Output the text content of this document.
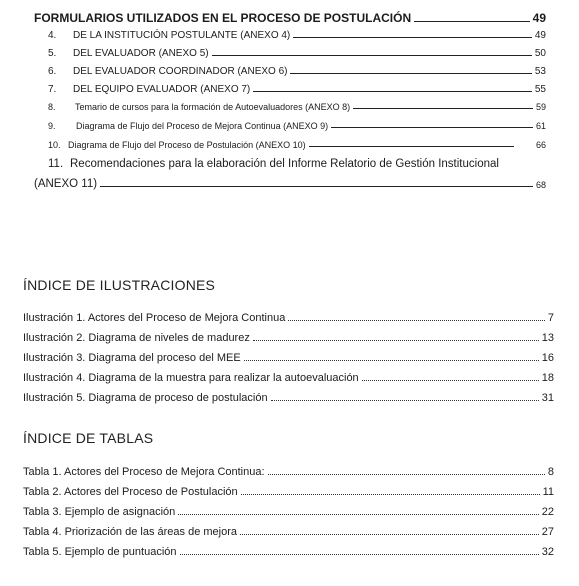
FORMULARIOS UTILIZADOS EN EL PROCESO DE POSTULACIÓN	49
4.	DE LA INSTITUCIÓN POSTULANTE (ANEXO 4)	49
5.	DEL EVALUADOR (ANEXO 5)	50
6.	DEL EVALUADOR COORDINADOR (ANEXO 6)	53
7.	DEL EQUIPO EVALUADOR (ANEXO 7)	55
8.	Temario de cursos para la formación de Autoevaluadores (ANEXO 8)	59
9.	Diagrama de Flujo del Proceso de Mejora Continua (ANEXO 9)	61
10. Diagrama de Flujo del Proceso de Postulación (ANEXO 10)	66
11. Recomendaciones para la elaboración del Informe Relatorio de Gestión Institucional
(ANEXO 11)	68
ÍNDICE DE ILUSTRACIONES
Ilustración 1. Actores del Proceso de Mejora Continua	7
Ilustración 2. Diagrama de niveles de madurez	13
Ilustración 3. Diagrama del proceso del MEE	16
Ilustración 4. Diagrama de la muestra para realizar la autoevaluación	18
Ilustración 5. Diagrama de proceso de postulación	31
ÍNDICE DE TABLAS
Tabla 1. Actores del Proceso de Mejora Continua:	8
Tabla 2. Actores del Proceso de Postulación	11
Tabla 3. Ejemplo de asignación	22
Tabla 4. Priorización de las áreas de mejora	27
Tabla 5. Ejemplo de puntuación	32
